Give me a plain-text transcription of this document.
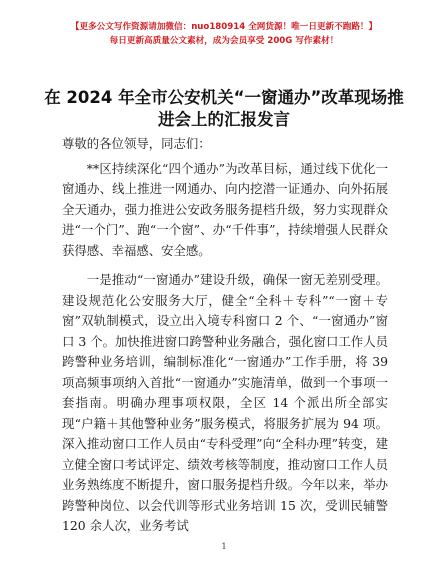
【更多公文写作资源请加微信：nuo180914 全网货源！唯一日更新不跑路！】
每日更新高质量公文素材，成为会员享受 200G 写作素材！
在 2024 年全市公安机关“一窗通办”改革现场推进会上的汇报发言

尊敬的各位领导，同志们：

**区持续深化“四个通办”为改革目标，通过线下优化一窗通办、线上推进一网通办、向内挖潜一证通办、向外拓展全天通办，强力推进公安政务服务提档升级，努力实现群众进“一个门”、跑“一个窗”、办“千件事”，持续增强人民群众获得感、幸福感、安全感。

一是推动“一窗通办”建设升级，确保一窗无差别受理。建设规范化公安服务大厅，健全“全科＋专科”“一窗＋专窗”双轨制模式，设立出入境专科窗口 2 个、“一窗通办”窗口 3 个。加快推进窗口跨警种业务融合，强化窗口工作人员跨警种业务培训，编制标准化“一窗通办”工作手册，将 39 项高频事项纳入首批“一窗通办”实施清单，做到一个事项一套指南。明确办理事项权限，全区 14 个派出所全部实现“户籍＋其他警种业务”服务模式，将服务扩展为 94 项。深入推动窗口工作人员由“专科受理”向“全科办理”转变，建立健全窗口考试评定、绩效考核等制度，推动窗口工作人员业务熟练度不断提升，窗口服务提档升级。今年以来，举办跨警种岗位、以会代训等形式业务培训 15 次，受训民辅警 120 余人次，业务考试

1
